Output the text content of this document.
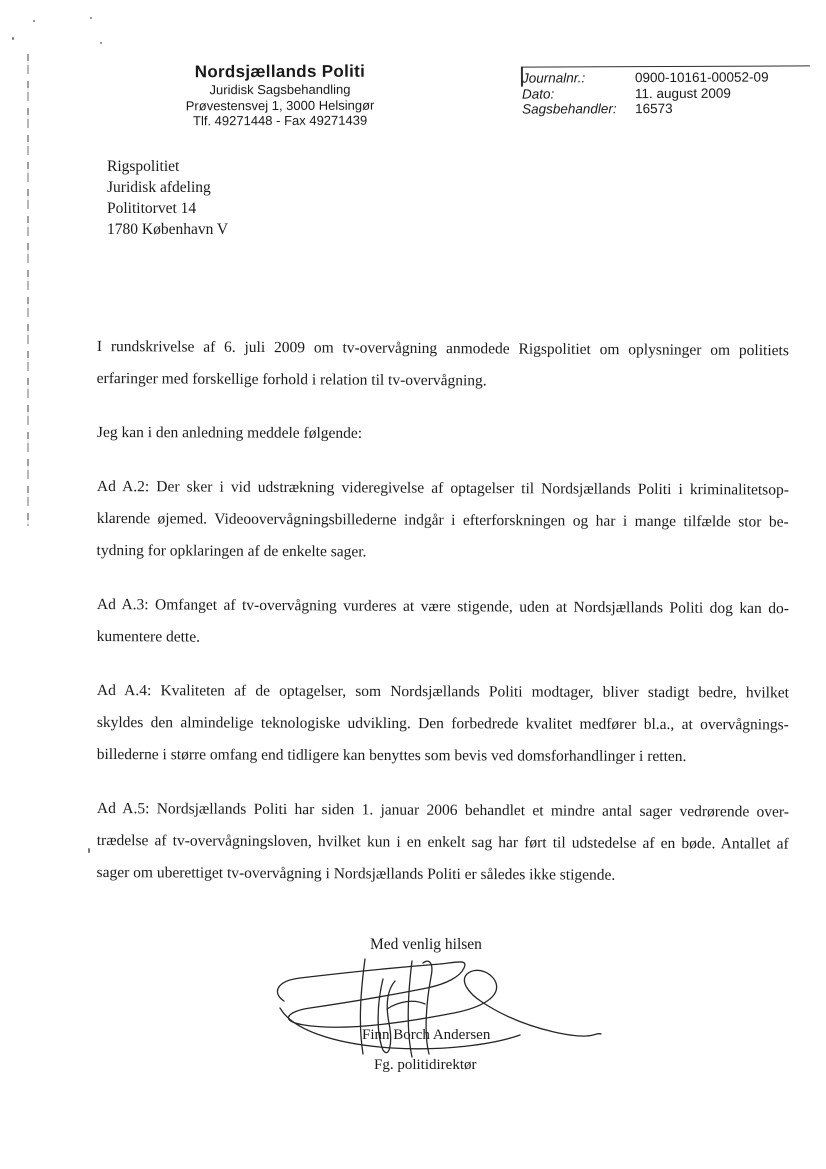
Nordsjællands Politi
Juridisk Sagsbehandling
Prøvestensvej 1, 3000 Helsingør
Tlf. 49271448 - Fax 49271439
Journalnr.:	0900-10161-00052-09
Dato:	11. august 2009
Sagsbehandler:	16573
Rigspolitiet
Juridisk afdeling
Polititorvet 14
1780 København V
I rundskrivelse af 6. juli 2009 om tv-overvågning anmodede Rigspolitiet om oplysninger om politiets
erfaringer med forskellige forhold i relation til tv-overvågning.
Jeg kan i den anledning meddele følgende:
Ad A.2: Der sker i vid udstrækning videregivelse af optagelser til Nordsjællands Politi i kriminalitetsop-
klarende øjemed. Videoovervågningsbillederne indgår i efterforskningen og har i mange tilfælde stor be-
tydning for opklaringen af de enkelte sager.
Ad A.3: Omfanget af tv-overvågning vurderes at være stigende, uden at Nordsjællands Politi dog kan do-
kumentere dette.
Ad A.4: Kvaliteten af de optagelser, som Nordsjællands Politi modtager, bliver stadigt bedre, hvilket
skyldes den almindelige teknologiske udvikling. Den forbedrede kvalitet medfører bl.a., at overvågnings-
billederne i større omfang end tidligere kan benyttes som bevis ved domsforhandlinger i retten.
Ad A.5: Nordsjællands Politi har siden 1. januar 2006 behandlet et mindre antal sager vedrørende over-
trædelse af tv-overvågningsloven, hvilket kun i en enkelt sag har ført til udstedelse af en bøde. Antallet af
sager om uberettiget tv-overvågning i Nordsjællands Politi er således ikke stigende.
Med venlig hilsen
Finn Borch Andersen
Fg. politidirektør
